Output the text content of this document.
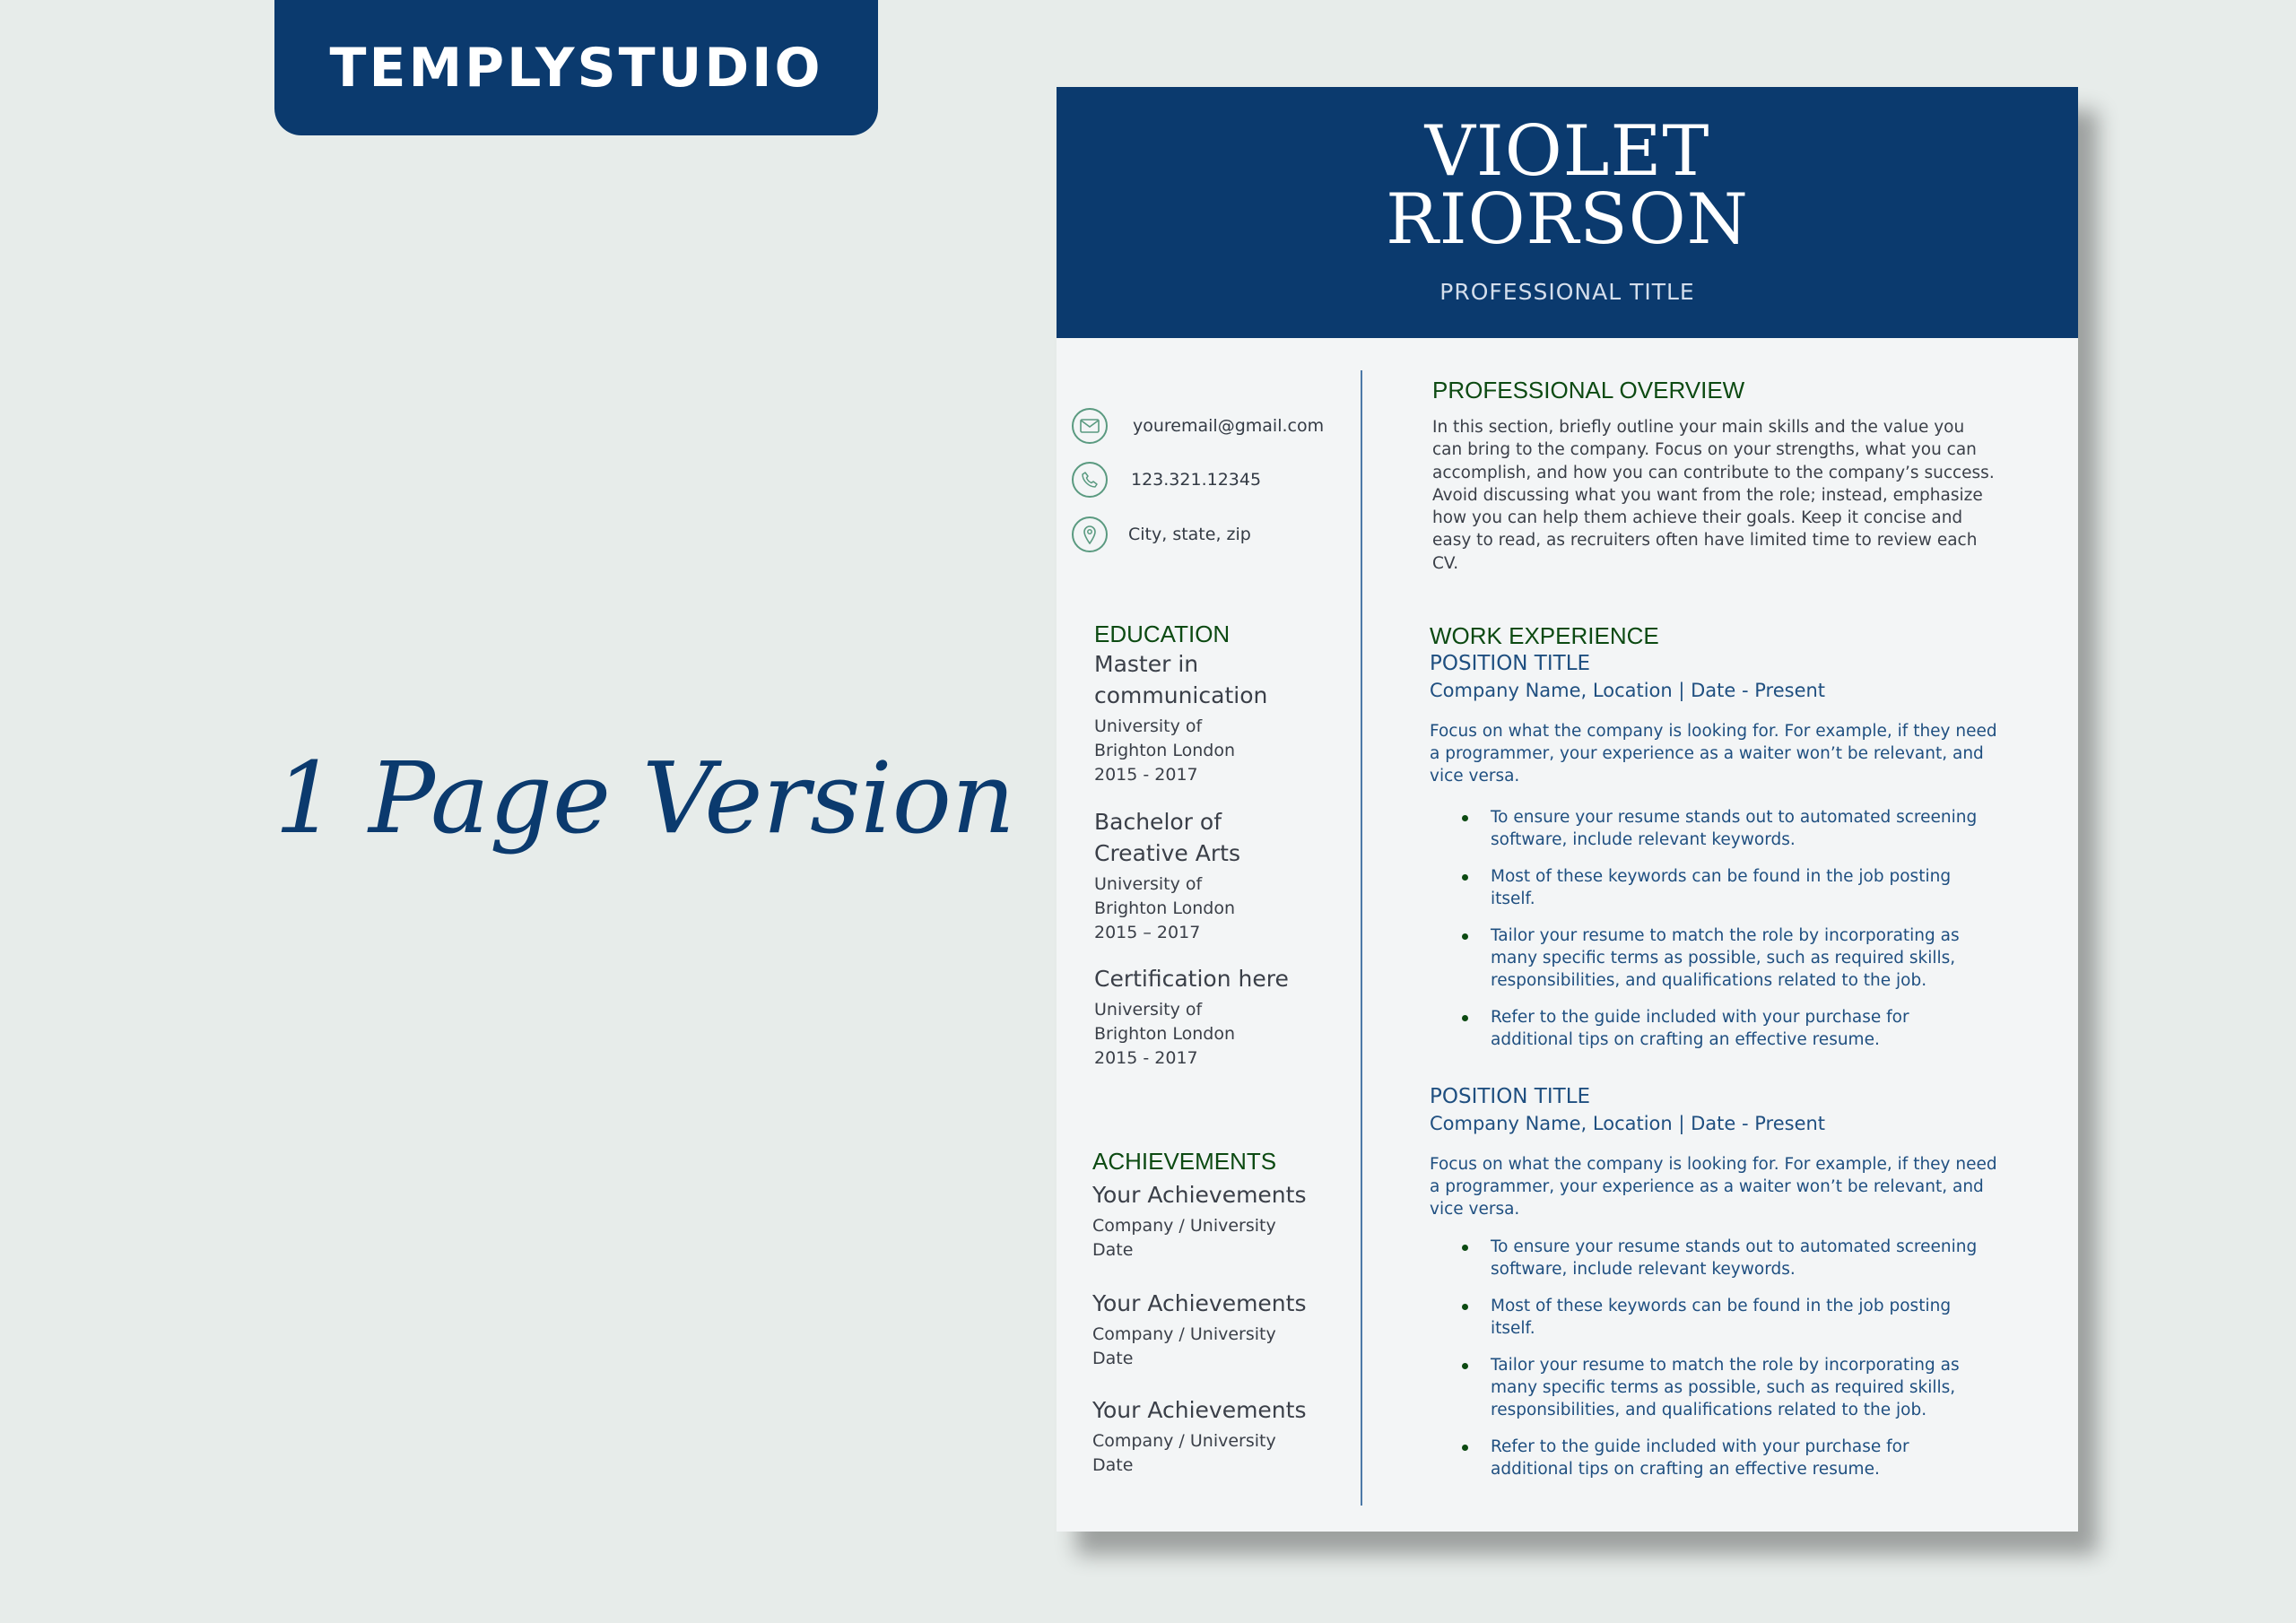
TEMPLYSTUDIO
1 Page Version
VIOLET
RIORSON
PROFESSIONAL TITLE
youremail@gmail.com
123.321.12345
City, state, zip
EDUCATION
Master in communication
University of Brighton London
2015 - 2017
Bachelor of Creative Arts
University of Brighton London
2015 – 2017
Certification here
University of Brighton London
2015 - 2017
ACHIEVEMENTS
Your Achievements
Company / University
Date
Your Achievements
Company / University
Date
Your Achievements
Company / University
Date
PROFESSIONAL OVERVIEW
In this section, briefly outline your main skills and the value you can bring to the company. Focus on your strengths, what you can accomplish, and how you can contribute to the company’s success. Avoid discussing what you want from the role; instead, emphasize how you can help them achieve their goals. Keep it concise and easy to read, as recruiters often have limited time to review each CV.
WORK EXPERIENCE
POSITION TITLE
Company Name, Location | Date - Present
Focus on what the company is looking for. For example, if they need a programmer, your experience as a waiter won’t be relevant, and vice versa.
To ensure your resume stands out to automated screening software, include relevant keywords.
Most of these keywords can be found in the job posting itself.
Tailor your resume to match the role by incorporating as many specific terms as possible, such as required skills, responsibilities, and qualifications related to the job.
Refer to the guide included with your purchase for additional tips on crafting an effective resume.
POSITION TITLE
Company Name, Location | Date - Present
Focus on what the company is looking for. For example, if they need a programmer, your experience as a waiter won’t be relevant, and vice versa.
To ensure your resume stands out to automated screening software, include relevant keywords.
Most of these keywords can be found in the job posting itself.
Tailor your resume to match the role by incorporating as many specific terms as possible, such as required skills, responsibilities, and qualifications related to the job.
Refer to the guide included with your purchase for additional tips on crafting an effective resume.
